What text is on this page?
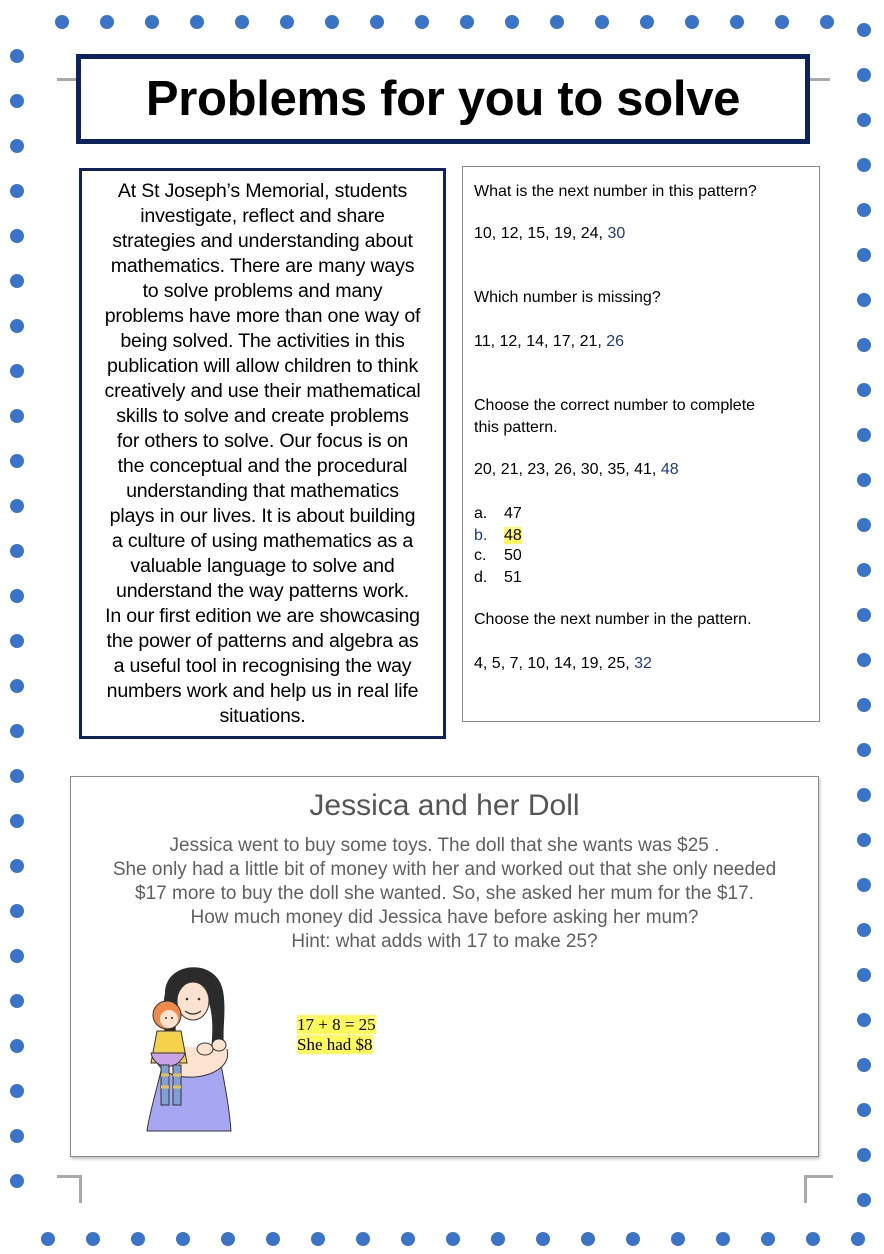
Problems for you to solve
At St Joseph’s Memorial, students
investigate, reflect and share
strategies and understanding about
mathematics. There are many ways
to solve problems and many
problems have more than one way of
being solved. The activities in this
publication will allow children to think
creatively and use their mathematical
skills to solve and create problems
for others to solve. Our focus is on
the conceptual and the procedural
understanding that mathematics
plays in our lives. It is about building
a culture of using mathematics as a
valuable language to solve and
understand the way patterns work.
In our first edition we are showcasing
the power of patterns and algebra as
a useful tool in recognising the way
numbers work and help us in real life
situations.

What is the next number in this pattern?

10, 12, 15, 19, 24, 30

Which number is missing?

11, 12, 14, 17, 21, 26

Choose the correct number to complete
this pattern.

20, 21, 23, 26, 30, 35, 41, 48

a. 47

b. 48

c. 50

d. 51

Choose the next number in the pattern.

4, 5, 7, 10, 14, 19, 25, 32

Jessica and her Doll
Jessica went to buy some toys. The doll that she wants was $25 .
She only had a little bit of money with her and worked out that she only needed
$17 more to buy the doll she wanted. So, she asked her mum for the $17.
How much money did Jessica have before asking her mum?
Hint: what adds with 17 to make 25?
17 + 8 = 25
She had $8
